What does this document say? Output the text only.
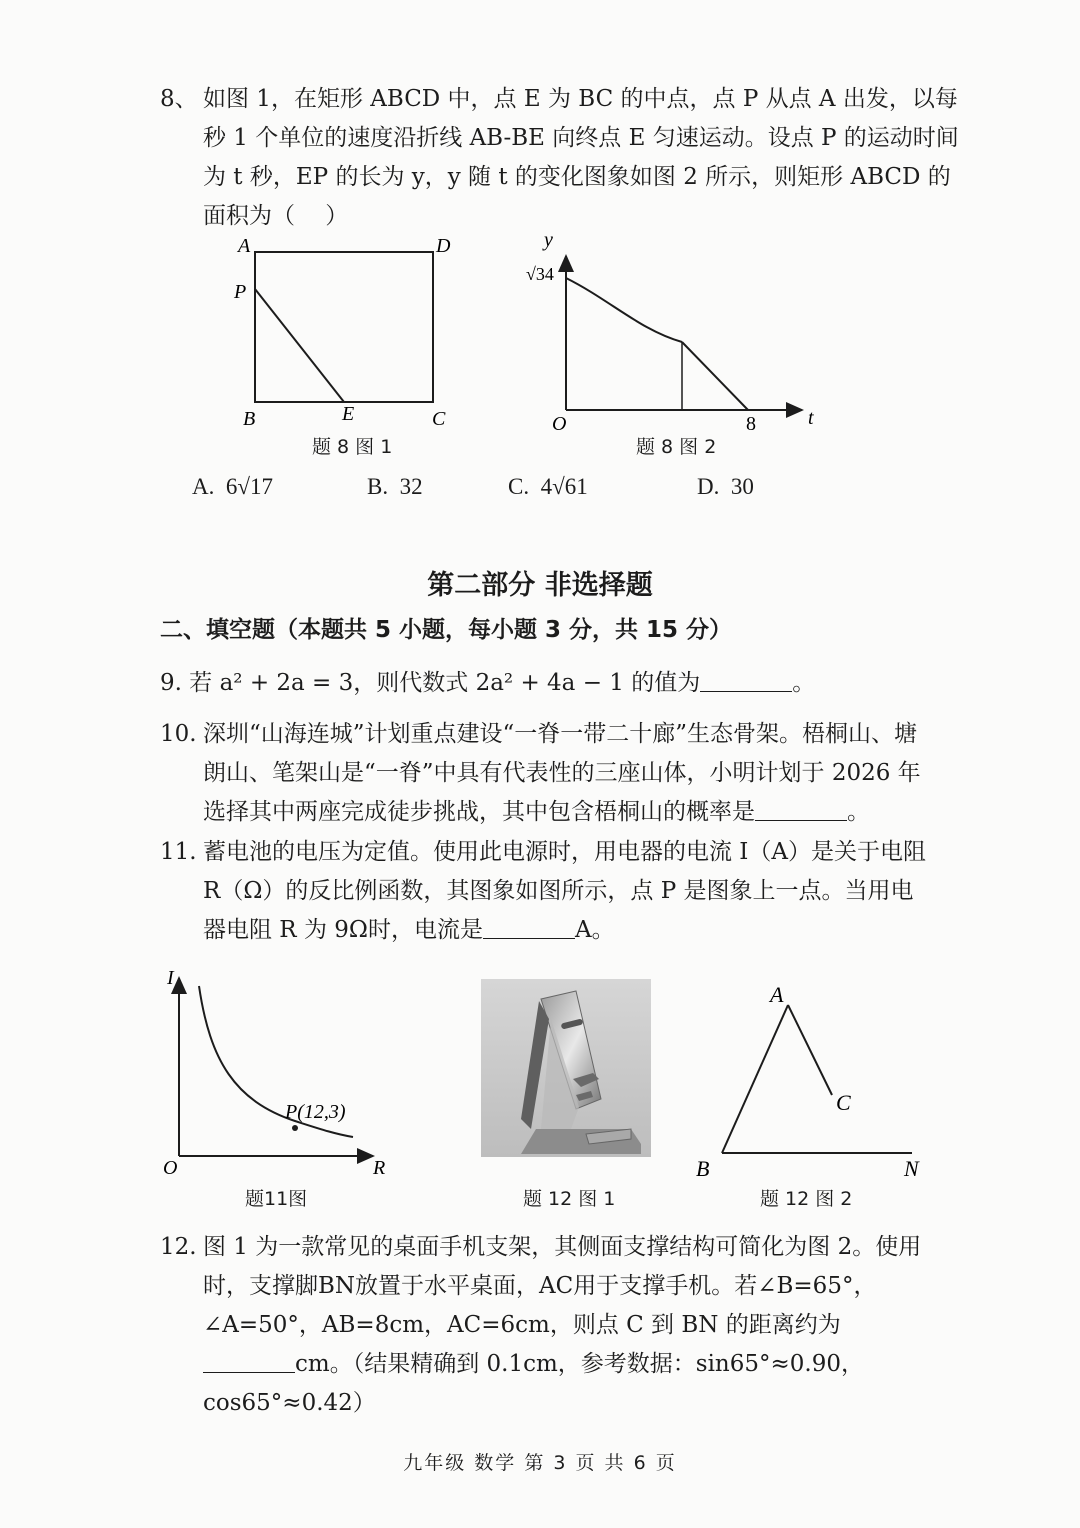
8、 如图 1，在矩形 ABCD 中，点 E 为 BC 的中点，点 P 从点 A 出发，以每秒 1 个单位的速度沿折线 AB-BE 向终点 E 匀速运动。设点 P 的运动时间为 t 秒，EP 的长为 y，y 随 t 的变化图象如图 2 所示，则矩形 ABCD 的面积为（　 ）
A	D
P
B	E	C
题 8 图 1
y
√34
O	8	t
题 8 图 2
A. 6√17	B. 32	C. 4√61	D. 30
第二部分 非选择题
二、填空题（本题共 5 小题，每小题 3 分，共 15 分）
9. 若 a² + 2a = 3，则代数式 2a² + 4a − 1 的值为	。
10. 深圳“山海连城”计划重点建设“一脊一带二十廊”生态骨架。梧桐山、塘朗山、笔架山是“一脊”中具有代表性的三座山体，小明计划于 2026 年选择其中两座完成徒步挑战，其中包含梧桐山的概率是	。
11. 蓄电池的电压为定值。使用此电源时，用电器的电流 I（A）是关于电阻 R（Ω）的反比例函数，其图象如图所示，点 P 是图象上一点。当用电器电阻 R 为 9Ω时，电流是	A。
I
O	R
P(12,3)
题11图	题 12 图 1
A
C
B	N
题 12 图 2
12. 图 1 为一款常见的桌面手机支架，其侧面支撑结构可简化为图 2。使用时，支撑脚BN放置于水平桌面，AC用于支撑手机。若∠B=65°，∠A=50°，AB=8cm，AC=6cm，则点 C 到 BN 的距离约为cm。（结果精确到 0.1cm，参考数据：sin65°≈0.90，cos65°≈0.42）
九年级 数学 第 3 页 共 6 页
